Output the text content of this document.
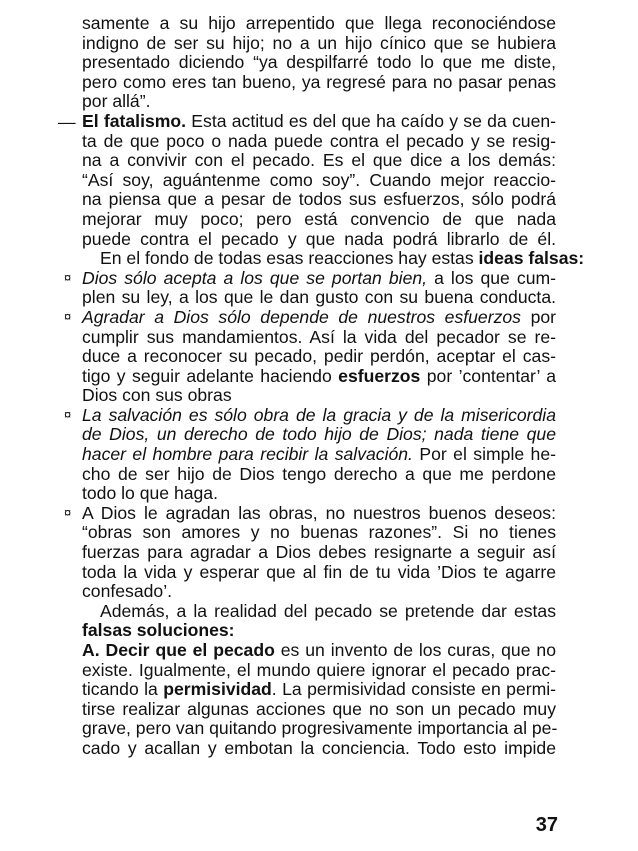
samente a su hijo arrepentido que llega reconociéndose
indigno de ser su hijo; no a un hijo cínico que se hubiera
presentado diciendo “ya despilfarré todo lo que me diste,
pero como eres tan bueno, ya regresé para no pasar penas
por allá”.
— El fatalismo. Esta actitud es del que ha caído y se da cuen-
ta de que poco o nada puede contra el pecado y se resig-
na a convivir con el pecado. Es el que dice a los demás:
“Así soy, aguántenme como soy”. Cuando mejor reaccio-
na piensa que a pesar de todos sus esfuerzos, sólo podrá
mejorar muy poco; pero está convencio de que nada
puede contra el pecado y que nada podrá librarlo de él.
En el fondo de todas esas reacciones hay estas ideas falsas:
¤ Dios sólo acepta a los que se portan bien, a los que cum-
plen su ley, a los que le dan gusto con su buena conducta.
¤ Agradar a Dios sólo depende de nuestros esfuerzos por
cumplir sus mandamientos. Así la vida del pecador se re-
duce a reconocer su pecado, pedir perdón, aceptar el cas-
tigo y seguir adelante haciendo esfuerzos por ’contentar’ a
Dios con sus obras
¤ La salvación es sólo obra de la gracia y de la misericordia
de Dios, un derecho de todo hijo de Dios; nada tiene que
hacer el hombre para recibir la salvación. Por el simple he-
cho de ser hijo de Dios tengo derecho a que me perdone
todo lo que haga.
¤ A Dios le agradan las obras, no nuestros buenos deseos:
“obras son amores y no buenas razones”. Si no tienes
fuerzas para agradar a Dios debes resignarte a seguir así
toda la vida y esperar que al fin de tu vida ’Dios te agarre
confesado’.
Además, a la realidad del pecado se pretende dar estas
falsas soluciones:
A. Decir que el pecado es un invento de los curas, que no
existe. Igualmente, el mundo quiere ignorar el pecado prac-
ticando la permisividad. La permisividad consiste en permi-
tirse realizar algunas acciones que no son un pecado muy
grave, pero van quitando progresivamente importancia al pe-
cado y acallan y embotan la conciencia. Todo esto impide
37
